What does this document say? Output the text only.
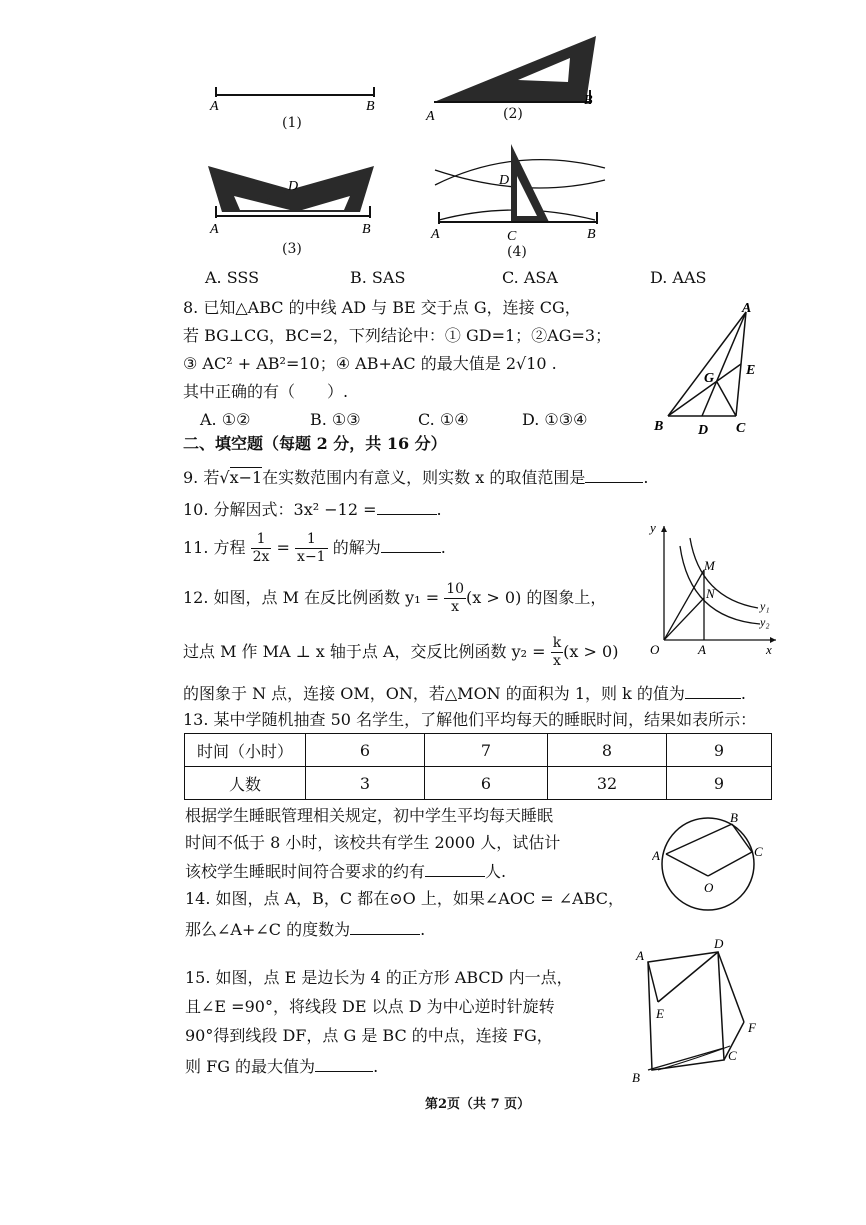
A	B
(1)	A
B
(2)
D
A	B
(3)
D
A	C	B
(4)
A. SSS	B. SAS	C. ASA	D. AAS
8. 已知△ABC 的中线 AD 与 BE 交于点 G，连接 CG，
若 BG⊥CG，BC=2，下列结论中：① GD=1；②AG=3；
③ AC² + AB²=10；④ AB+AC 的最大值是 2√10 .
其中正确的有（　　）.
A. ①②	B. ①③	C. ①④	D. ①③④
A
E
G
B D C
二、填空题（每题 2 分，共 16 分）
9. 若√x−1在实数范围内有意义，则实数 x 的取值范围是	.
10. 分解因式：3x² −12 =	.
11. 方程 $\frac{1}{2x} = \frac{1}{x-1}$ 的解为	.
12. 如图，点 M 在反比例函数 $y_1 = \frac{10}{x} (x > 0)$ 的图象上，
过点 M 作 MA ⊥ x 轴于点 A，交反比例函数 $y_2 = \frac{k}{x} (x > 0)$
的图象于 N 点，连接 OM，ON，若△MON 的面积为 1，则 k 的值为	.
y
x
O	A
M
N
y₁
y₂
13. 某中学随机抽查 50 名学生，了解他们平均每天的睡眠时间，结果如表所示：
时间（小时）	6	7	8	9
人数	3	6	32	9
根据学生睡眠管理相关规定，初中学生平均每天睡眠
时间不低于 8 小时，该校共有学生 2000 人，试估计
该校学生睡眠时间符合要求的约有	人.
14. 如图，点 A，B，C 都在⊙O 上，如果∠AOC = ∠ABC，
那么∠A+∠C 的度数为	.
A
B
C
O
15. 如图，点 E 是边长为 4 的正方形 ABCD 内一点，
且∠E =90°，将线段 DE 以点 D 为中心逆时针旋转
90°得到线段 DF，点 G 是 BC 的中点，连接 FG，
则 FG 的最大值为	.
A
D
E
F
C
B
第2页（共 7 页）
